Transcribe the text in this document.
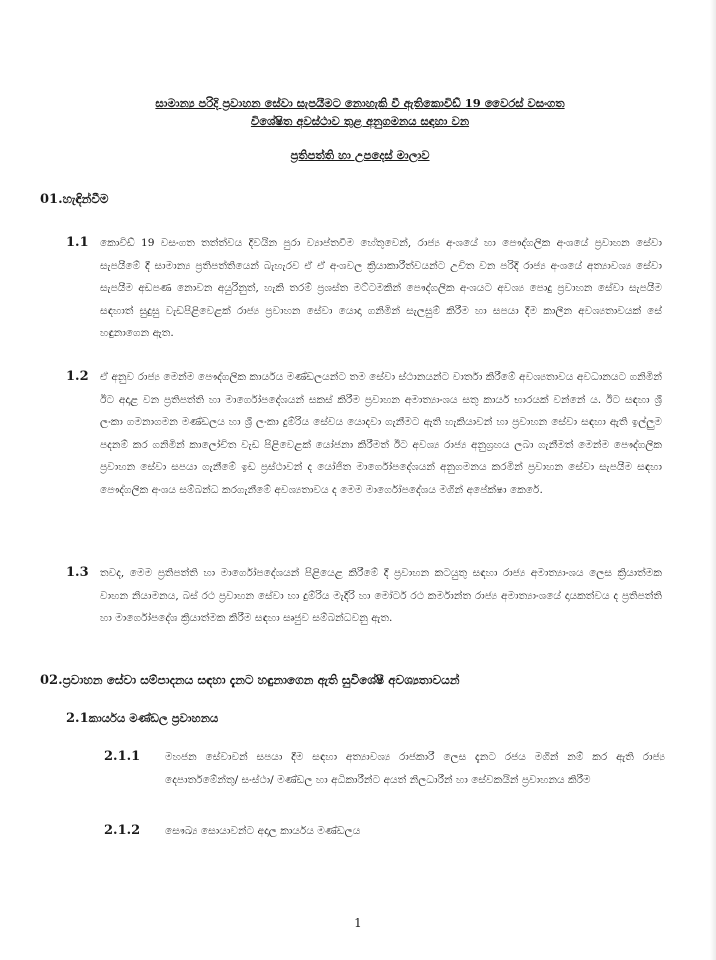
සාමාන්‍ය පරිදි ප්‍රවාහන සේවා සැපයීමට නොහැකි වී ඇතිකොවිඩ් 19 වෛරස් වසංගත
විශේෂිත අවස්ථාව තුළ අනුගමනය සඳහා වන
ප්‍රතිපත්ති හා උපදෙස් මාලාව
01.හැඳින්වීම
1.1 කොවිඩ් 19 වසංගත තත්ත්වය දිවයින පුරා ව්‍යාප්තවීම හේතුවෙන්, රාජ්‍ය අංශයේ හා පෞද්ගලික අංශයේ ප්‍රවාහන සේවා සැපයීමේ දී සාමාන්‍ය ප්‍රතිපත්තියෙන් බැහැරව ඒ ඒ අංශවල ක්‍රියාකාරීත්වයන්ට උචිත වන පරිදි රාජ්‍ය අංශයේ අත්‍යාවශ්‍ය සේවා සැපයීම අඩපණ නොවන අයුරිනුත්, හැකි තරම් ප්‍රශස්ත මට්ටමකින් පෞද්ගලික අංශයට අවශ්‍ය පොදු ප්‍රවාහන සේවා සැපයීම සඳහාත් සුදුසු වැඩපිළිවෙළක් රාජ්‍ය ප්‍රවාහන සේවා යොදා ගනිමින් සැලසුම් කිරීම හා සපයා දීම කාලීන අවශ්‍යතාවයක් සේ හඳුනාගෙන ඇත.
1.2 ඒ අනුව රාජ්‍ය මෙන්ම පෞද්ගලික කාර්යය මණ්ඩලයන්ට තම සේවා ස්ථානයන්ට වාර්තා කිරීමේ අවශ්‍යතාවය අවධානයට ගනිමින් ඊට අදාළ වන ප්‍රතිපත්ති හා මාර්ගෝපදේශයන් සකස් කිරීම ප්‍රවාහන අමාත්‍යාංශය සතු කාර්ය භාරයක් වන්නේ ය. ඊට සඳහා ශ්‍රී ලංකා ගමනාගමන මණ්ඩලය හා ශ්‍රී ලංකා දුම්රිය සේවය යොදවා ගැනීමට ඇති හැකියාවන් හා ප්‍රවාහන සේවා සඳහා ඇති ඉල්ලුම පදනම් කර ගනිමින් කාලෝචිත වැඩ පිළිවෙළක් යෝජනා කිරීමත් ඊට අවශ්‍ය රාජ්‍ය අනුග්‍රහය ලබා ගැනීමත් මෙන්ම පෞද්ගලික ප්‍රවාහන සේවා සපයා ගැනීමේ ඉඩ ප්‍රස්ථාවන් ද යෝජිත මාර්ගෝපදේශයන් අනුගමනය කරමින් ප්‍රවාහන සේවා සැපයීම සඳහා පෞද්ගලික අංශය සම්බන්ධ කරගැනීමේ අවශ්‍යතාවය ද මෙම මාර්ගෝපදේශය මගින් අපේක්ෂා කෙරේ.
1.3 තවද, මෙම ප්‍රතිපත්ති හා මාර්ගෝපදේශයන් පිළියෙළ කිරීමේ දී ප්‍රවාහන කටයුතු සඳහා රාජ්‍ය අමාත්‍යාංශය ලෙස ක්‍රියාත්මක වාහන නියාමනය, බස් රථ ප්‍රවාහන සේවා හා දුම්රිය මැදිරි හා මෝටර් රථ කර්මාන්ත රාජ්‍ය අමාත්‍යාංශයේ දායකත්වය ද ප්‍රතිපත්ති හා මාර්ගෝපදේශ ක්‍රියාත්මක කිරීම සඳහා සෘජුව සම්බන්ධවනු ඇත.
02.ප්‍රවාහන සේවා සම්පාදනය සඳහා දැනට හඳුනාගෙන ඇති සුවිශේෂී අවශ්‍යතාවයන්
2.1කාර්යය මණ්ඩල ප්‍රවාහනය
2.1.1 මහජන සේවාවන් සපයා දීම සඳහා අත්‍යාවශ්‍ය රාජකාරී ලෙස දැනට රජය මගින් නම් කර ඇති රාජ්‍ය දෙපාර්තමේන්තු/ සංස්ථා/ මණ්ඩල හා අධිකාරීන්ට අයත් නිලධාරීන් හා සේවකයින් ප්‍රවාහනය කිරීම
2.1.2 සෞඛ්‍ය සොයාවන්ට අදාල කාර්යය මණ්ඩලය
1
